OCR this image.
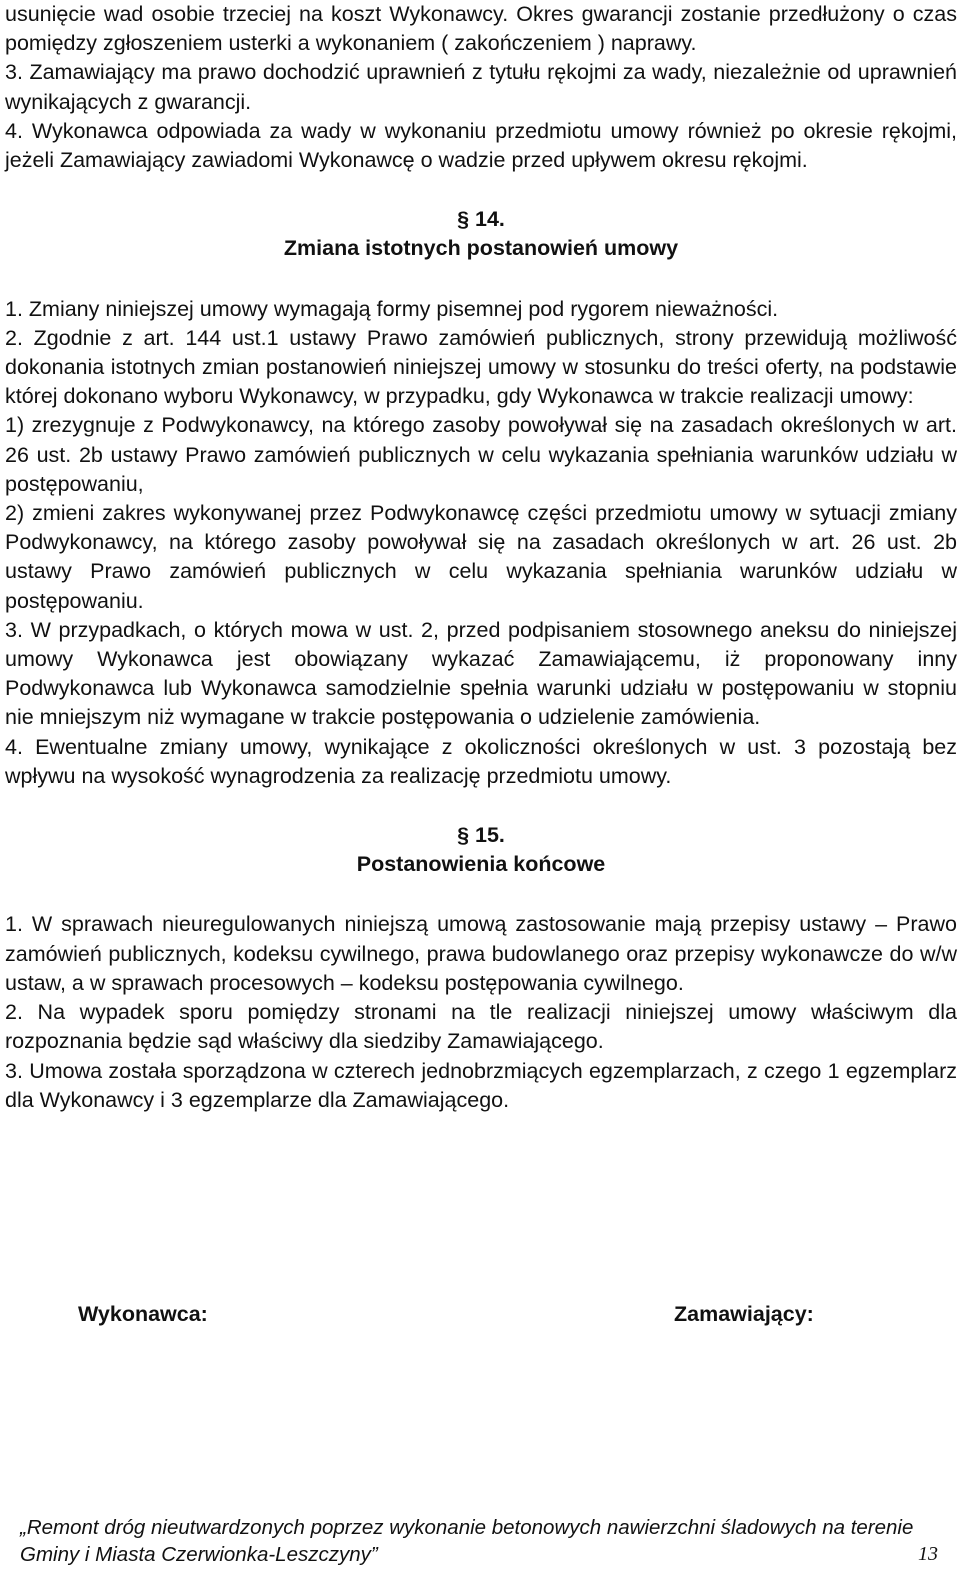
usunięcie wad osobie trzeciej na koszt Wykonawcy. Okres gwarancji zostanie przedłużony o czas pomiędzy zgłoszeniem usterki a wykonaniem ( zakończeniem ) naprawy.

3. Zamawiający ma prawo dochodzić uprawnień z tytułu rękojmi za wady, niezależnie od uprawnień wynikających z gwarancji.

4. Wykonawca odpowiada za wady w wykonaniu przedmiotu umowy również po okresie rękojmi, jeżeli Zamawiający zawiadomi Wykonawcę o wadzie przed upływem okresu rękojmi.

§ 14.

Zmiana istotnych postanowień umowy

1. Zmiany niniejszej umowy wymagają formy pisemnej pod rygorem nieważności.

2. Zgodnie z art. 144 ust.1 ustawy Prawo zamówień publicznych, strony przewidują możliwość dokonania istotnych zmian postanowień niniejszej umowy w stosunku do treści oferty, na podstawie której dokonano wyboru Wykonawcy, w przypadku, gdy Wykonawca w trakcie realizacji umowy:

1) zrezygnuje z Podwykonawcy, na którego zasoby powoływał się na zasadach określonych w art. 26 ust. 2b ustawy Prawo zamówień publicznych w celu wykazania spełniania warunków udziału w postępowaniu,

2) zmieni zakres wykonywanej przez Podwykonawcę części przedmiotu umowy w sytuacji zmiany Podwykonawcy, na którego zasoby powoływał się na zasadach określonych w art. 26 ust. 2b ustawy Prawo zamówień publicznych w celu wykazania spełniania warunków udziału w postępowaniu.

3. W przypadkach, o których mowa w ust. 2, przed podpisaniem stosownego aneksu do niniejszej umowy Wykonawca jest obowiązany wykazać Zamawiającemu, iż proponowany inny Podwykonawca lub Wykonawca samodzielnie spełnia warunki udziału w postępowaniu w stopniu nie mniejszym niż wymagane w trakcie postępowania o udzielenie zamówienia.

4. Ewentualne zmiany umowy, wynikające z okoliczności określonych w ust. 3 pozostają bez wpływu na wysokość wynagrodzenia za realizację przedmiotu umowy.

§ 15.

Postanowienia końcowe

1. W sprawach nieuregulowanych niniejszą umową zastosowanie mają przepisy ustawy – Prawo zamówień publicznych, kodeksu cywilnego, prawa budowlanego oraz przepisy wykonawcze do w/w ustaw, a w sprawach procesowych – kodeksu postępowania cywilnego.

2. Na wypadek sporu pomiędzy stronami na tle realizacji niniejszej umowy właściwym dla rozpoznania będzie sąd właściwy dla siedziby Zamawiającego.

3. Umowa została sporządzona w czterech jednobrzmiących egzemplarzach, z czego 1 egzemplarz dla Wykonawcy i 3 egzemplarze dla Zamawiającego.

Wykonawca:	Zamawiający:
„Remont dróg nieutwardzonych poprzez wykonanie betonowych nawierzchni śladowych na terenie Gminy i Miasta Czerwionka-Leszczyny”	13
